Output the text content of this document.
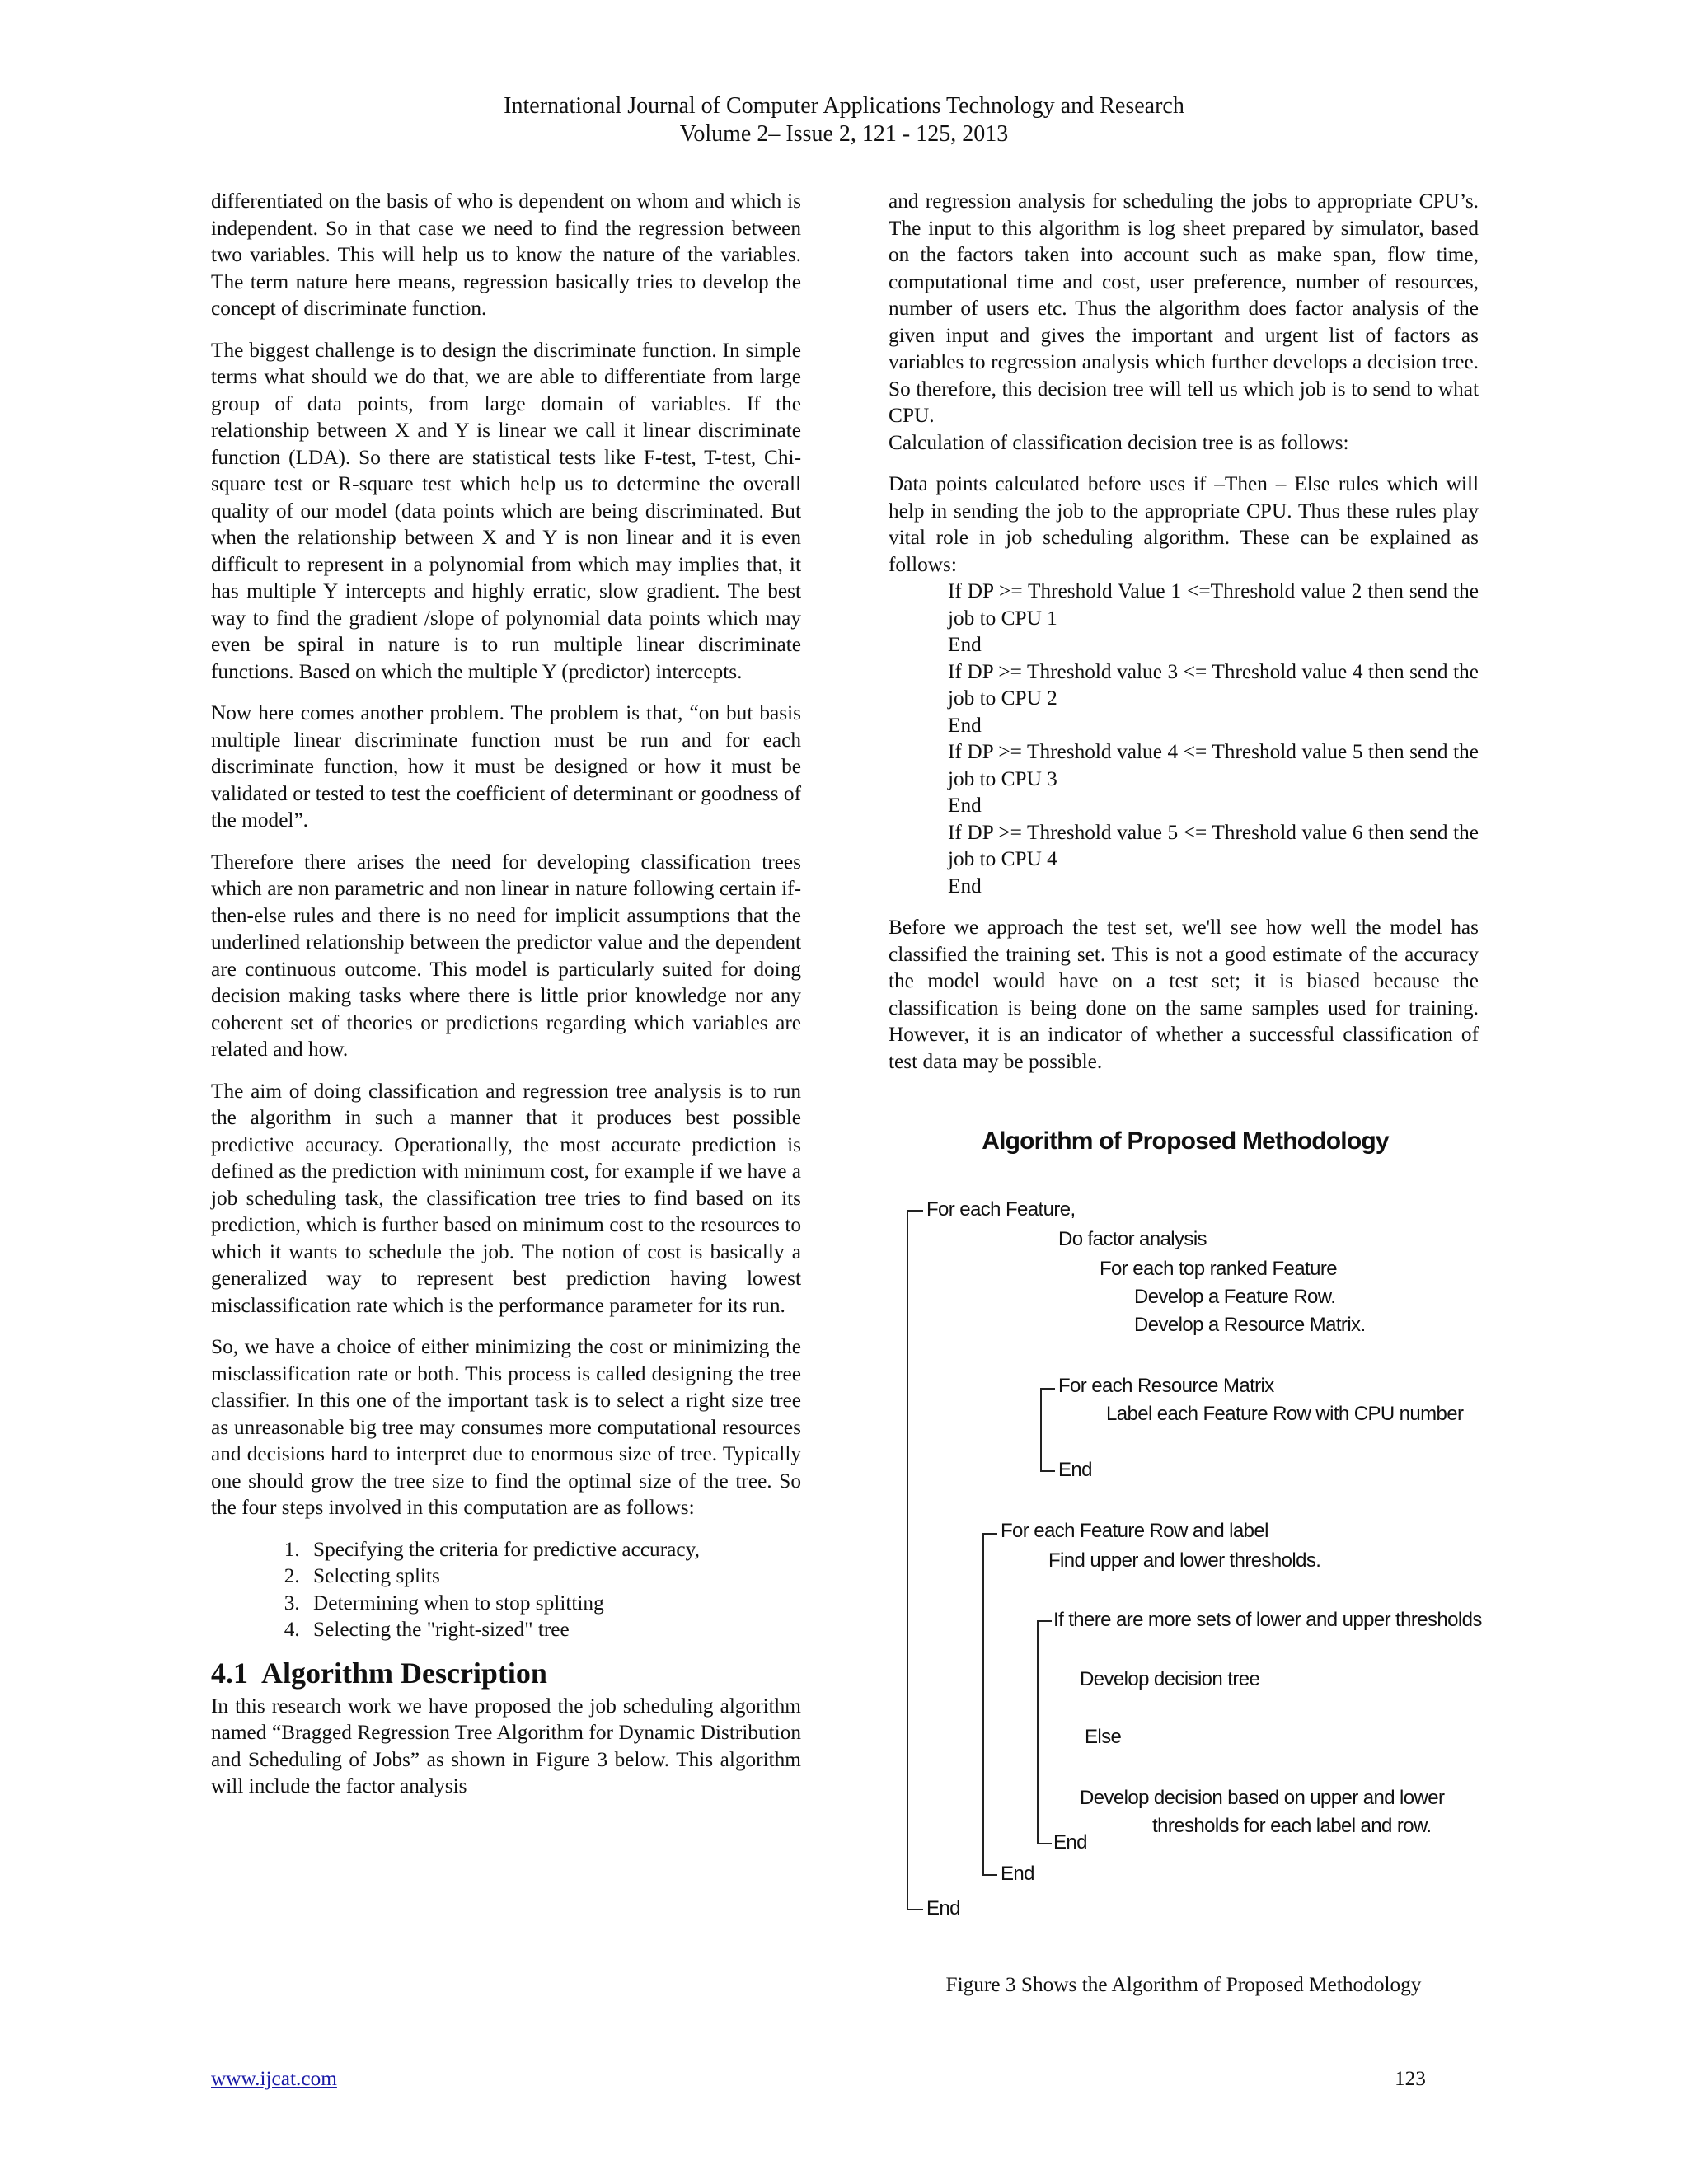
International Journal of Computer Applications Technology and Research
Volume 2– Issue 2, 121 - 125, 2013

differentiated on the basis of who is dependent on whom and which is independent. So in that case we need to find the regression between two variables. This will help us to know the nature of the variables. The term nature here means, regression basically tries to develop the concept of discriminate function.

The biggest challenge is to design the discriminate function. In simple terms what should we do that, we are able to differentiate from large group of data points, from large domain of variables. If the relationship between X and Y is linear we call it linear discriminate function (LDA). So there are statistical tests like F-test, T-test, Chi-square test or R-square test which help us to determine the overall quality of our model (data points which are being discriminated. But when the relationship between X and Y is non linear and it is even difficult to represent in a polynomial from which may implies that, it has multiple Y intercepts and highly erratic, slow gradient. The best way to find the gradient /slope of polynomial data points which may even be spiral in nature is to run multiple linear discriminate functions. Based on which the multiple Y (predictor) intercepts.

Now here comes another problem. The problem is that, “on but basis multiple linear discriminate function must be run and for each discriminate function, how it must be designed or how it must be validated or tested to test the coefficient of determinant or goodness of the model”.

Therefore there arises the need for developing classification trees which are non parametric and non linear in nature following certain if-then-else rules and there is no need for implicit assumptions that the underlined relationship between the predictor value and the dependent are continuous outcome. This model is particularly suited for doing decision making tasks where there is little prior knowledge nor any coherent set of theories or predictions regarding which variables are related and how.

The aim of doing classification and regression tree analysis is to run the algorithm in such a manner that it produces best possible predictive accuracy. Operationally, the most accurate prediction is defined as the prediction with minimum cost, for example if we have a job scheduling task, the classification tree tries to find based on its prediction, which is further based on minimum cost to the resources to which it wants to schedule the job. The notion of cost is basically a generalized way to represent best prediction having lowest misclassification rate which is the performance parameter for its run.

So, we have a choice of either minimizing the cost or minimizing the misclassification rate or both. This process is called designing the tree classifier. In this one of the important task is to select a right size tree as unreasonable big tree may consumes more computational resources and decisions hard to interpret due to enormous size of tree. Typically one should grow the tree size to find the optimal size of the tree. So the four steps involved in this computation are as follows:

1. Specifying the criteria for predictive accuracy,
2. Selecting splits
3. Determining when to stop splitting
4. Selecting the "right-sized" tree
4.1 Algorithm Description

In this research work we have proposed the job scheduling algorithm named “Bragged Regression Tree Algorithm for Dynamic Distribution and Scheduling of Jobs” as shown in Figure 3 below. This algorithm will include the factor analysis

and regression analysis for scheduling the jobs to appropriate CPU’s. The input to this algorithm is log sheet prepared by simulator, based on the factors taken into account such as make span, flow time, computational time and cost, user preference, number of resources, number of users etc. Thus the algorithm does factor analysis of the given input and gives the important and urgent list of factors as variables to regression analysis which further develops a decision tree. So therefore, this decision tree will tell us which job is to send to what CPU.

Calculation of classification decision tree is as follows:

Data points calculated before uses if –Then – Else rules which will help in sending the job to the appropriate CPU. Thus these rules play vital role in job scheduling algorithm. These can be explained as follows:

If DP >= Threshold Value 1 <=Threshold value 2 then send the job to CPU 1
End
If DP >= Threshold value 3 <= Threshold value 4 then send the job to CPU 2
End
If DP >= Threshold value 4 <= Threshold value 5 then send the job to CPU 3
End
If DP >= Threshold value 5 <= Threshold value 6 then send the job to CPU 4
End

Before we approach the test set, we'll see how well the model has classified the training set. This is not a good estimate of the accuracy the model would have on a test set; it is biased because the classification is being done on the same samples used for training. However, it is an indicator of whether a successful classification of test data may be possible.

Algorithm of Proposed Methodology
For each Feature,
Do factor analysis
For each top ranked Feature
Develop a Feature Row.
Develop a Resource Matrix.
For each Resource Matrix
Label each Feature Row with CPU number
End
For each Feature Row and label
Find upper and lower thresholds.
If there are more sets of lower and upper thresholds
Develop decision tree
Else
Develop decision based on upper and lower
thresholds for each label and row.
End
End
End
Figure 3 Shows the Algorithm of Proposed Methodology
www.ijcat.com	123
